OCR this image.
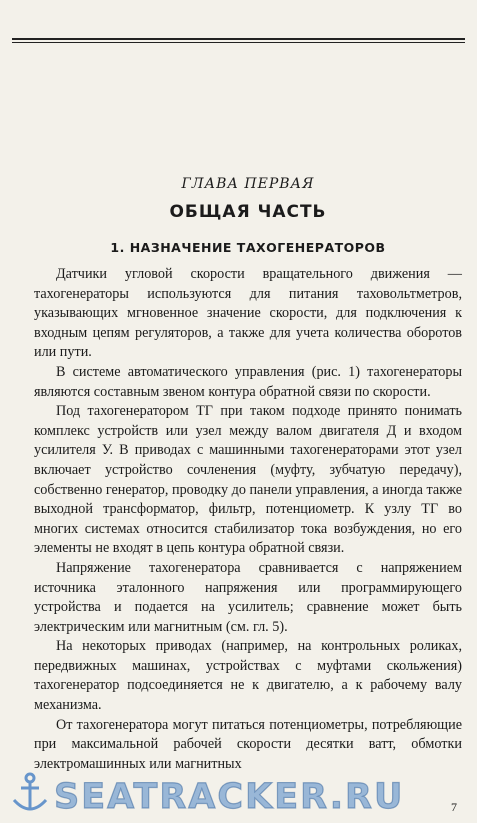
ГЛАВА ПЕРВАЯ

ОБЩАЯ ЧАСТЬ

1. НАЗНАЧЕНИЕ ТАХОГЕНЕРАТОРОВ

Датчики угловой скорости вращательного движения — тахогенераторы используются для питания таховольтметров, указывающих мгновенное значение скорости, для подключения к входным цепям регуляторов, а также для учета количества оборотов или пути.

В системе автоматического управления (рис. 1) тахогенераторы являются составным звеном контура обратной связи по скорости.

Под тахогенератором ТГ при таком подходе принято понимать комплекс устройств или узел между валом двигателя Д и входом усилителя У. В приводах с машинными тахогенераторами этот узел включает устройство сочленения (муфту, зубчатую передачу), собственно генератор, проводку до панели управления, а иногда также выходной трансформатор, фильтр, потенциометр. К узлу ТГ во многих системах относится стабилизатор тока возбуждения, но его элементы не входят в цепь контура обратной связи.

Напряжение тахогенератора сравнивается с напряжением источника эталонного напряжения или программирующего устройства и подается на усилитель; сравнение может быть электрическим или магнитным (см. гл. 5).

На некоторых приводах (например, на контрольных роликах, передвижных машинах, устройствах с муфтами скольжения) тахогенератор подсоединяется не к двигателю, а к рабочему валу механизма.

От тахогенератора могут питаться потенциометры, потребляющие при максимальной рабочей скорости десятки ватт, обмотки электромашинных или магнитных

SEATRACKER.RU	7
